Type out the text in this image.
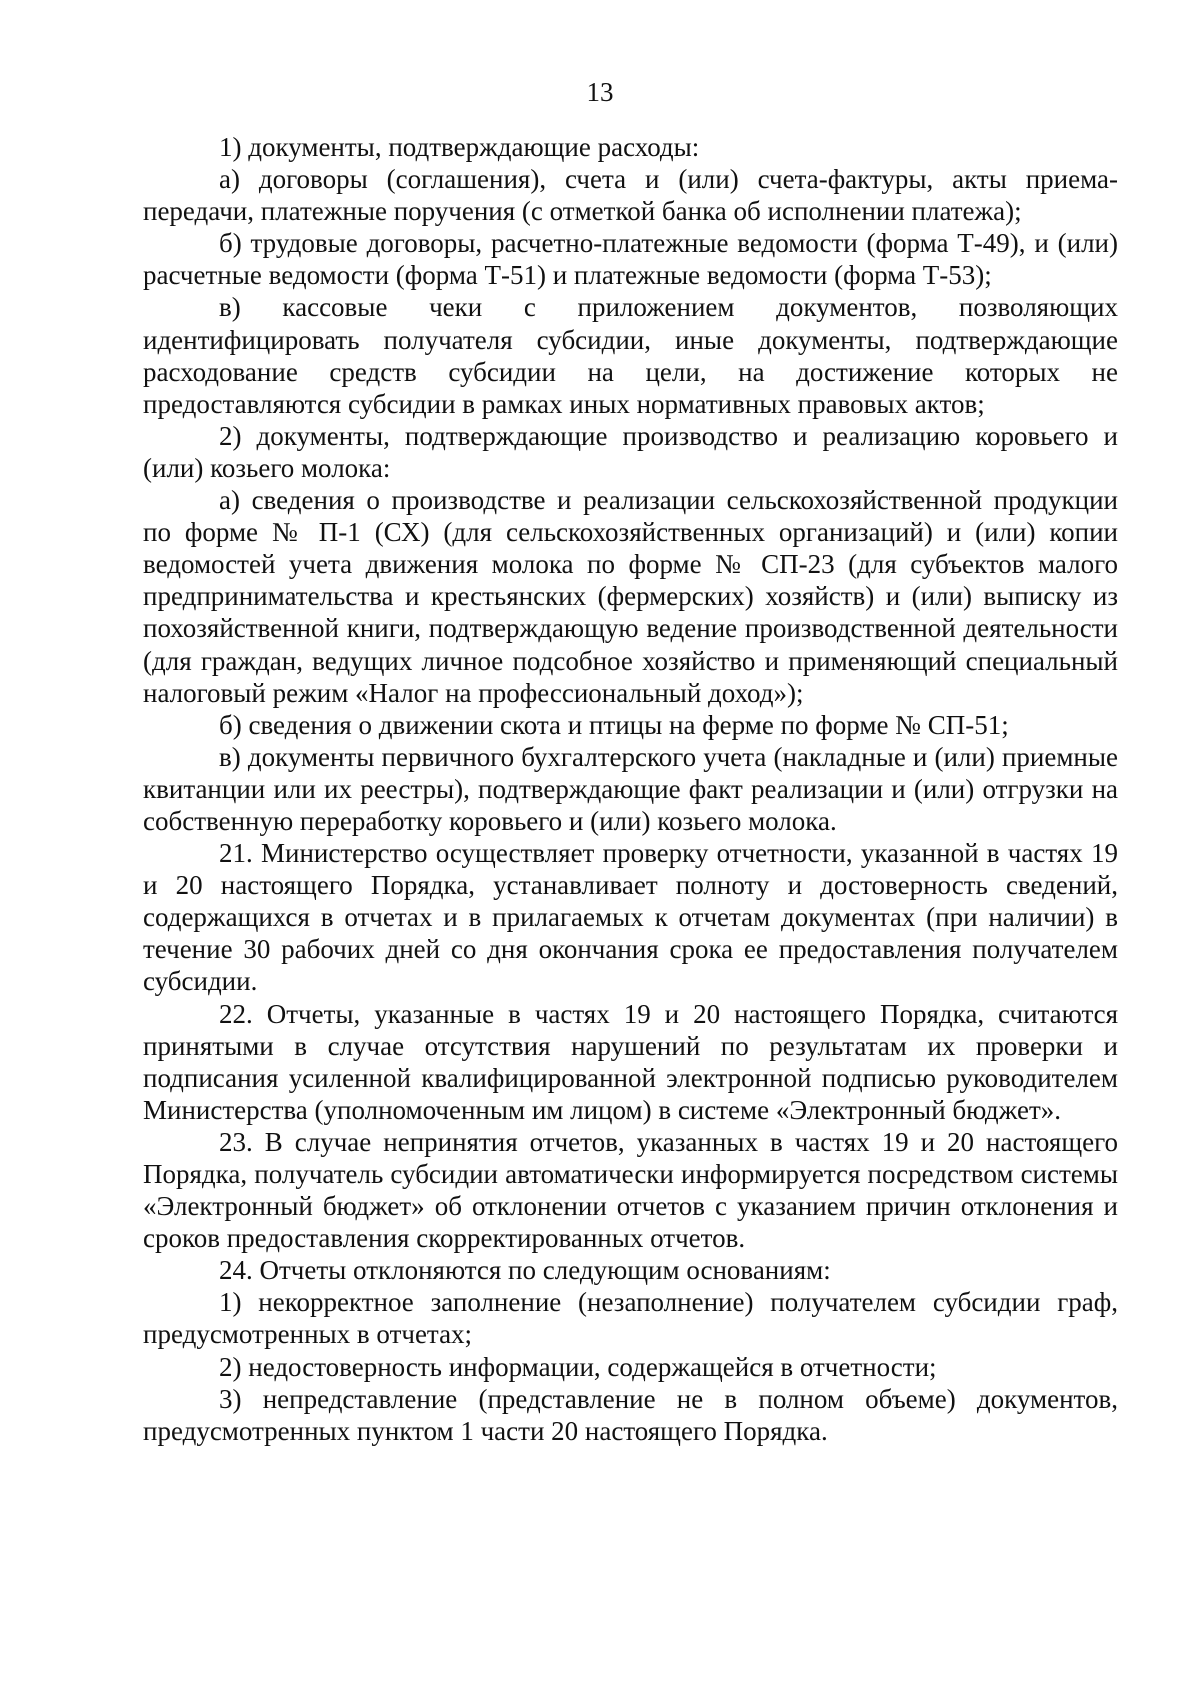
13

1) документы, подтверждающие расходы:

а) договоры (соглашения), счета и (или) счета-фактуры, акты приема-передачи, платежные поручения (с отметкой банка об исполнении платежа);

б) трудовые договоры, расчетно-платежные ведомости (форма Т-49), и (или) расчетные ведомости (форма Т-51) и платежные ведомости (форма Т-53);

в) кассовые чеки с приложением документов, позволяющих идентифицировать получателя субсидии, иные документы, подтверждающие расходование средств субсидии на цели, на достижение которых не предоставляются субсидии в рамках иных нормативных правовых актов;

2) документы, подтверждающие производство и реализацию коровьего и (или) козьего молока:

а) сведения о производстве и реализации сельскохозяйственной продукции по форме № П-1 (СХ) (для сельскохозяйственных организаций) и (или) копии ведомостей учета движения молока по форме № СП-23 (для субъектов малого предпринимательства и крестьянских (фермерских) хозяйств) и (или) выписку из похозяйственной книги, подтверждающую ведение производственной деятельности (для граждан, ведущих личное подсобное хозяйство и применяющий специальный налоговый режим «Налог на профессиональный доход»);

б) сведения о движении скота и птицы на ферме по форме № СП-51;

в) документы первичного бухгалтерского учета (накладные и (или) приемные квитанции или их реестры), подтверждающие факт реализации и (или) отгрузки на собственную переработку коровьего и (или) козьего молока.

21. Министерство осуществляет проверку отчетности, указанной в частях 19 и 20 настоящего Порядка, устанавливает полноту и достоверность сведений, содержащихся в отчетах и в прилагаемых к отчетам документах (при наличии) в течение 30 рабочих дней со дня окончания срока ее предоставления получателем субсидии.

22. Отчеты, указанные в частях 19 и 20 настоящего Порядка, считаются принятыми в случае отсутствия нарушений по результатам их проверки и подписания усиленной квалифицированной электронной подписью руководителем Министерства (уполномоченным им лицом) в системе «Электронный бюджет».

23. В случае непринятия отчетов, указанных в частях 19 и 20 настоящего Порядка, получатель субсидии автоматически информируется посредством системы «Электронный бюджет» об отклонении отчетов с указанием причин отклонения и сроков предоставления скорректированных отчетов.

24. Отчеты отклоняются по следующим основаниям:

1) некорректное заполнение (незаполнение) получателем субсидии граф, предусмотренных в отчетах;

2) недостоверность информации, содержащейся в отчетности;

3) непредставление (представление не в полном объеме) документов, предусмотренных пунктом 1 части 20 настоящего Порядка.
